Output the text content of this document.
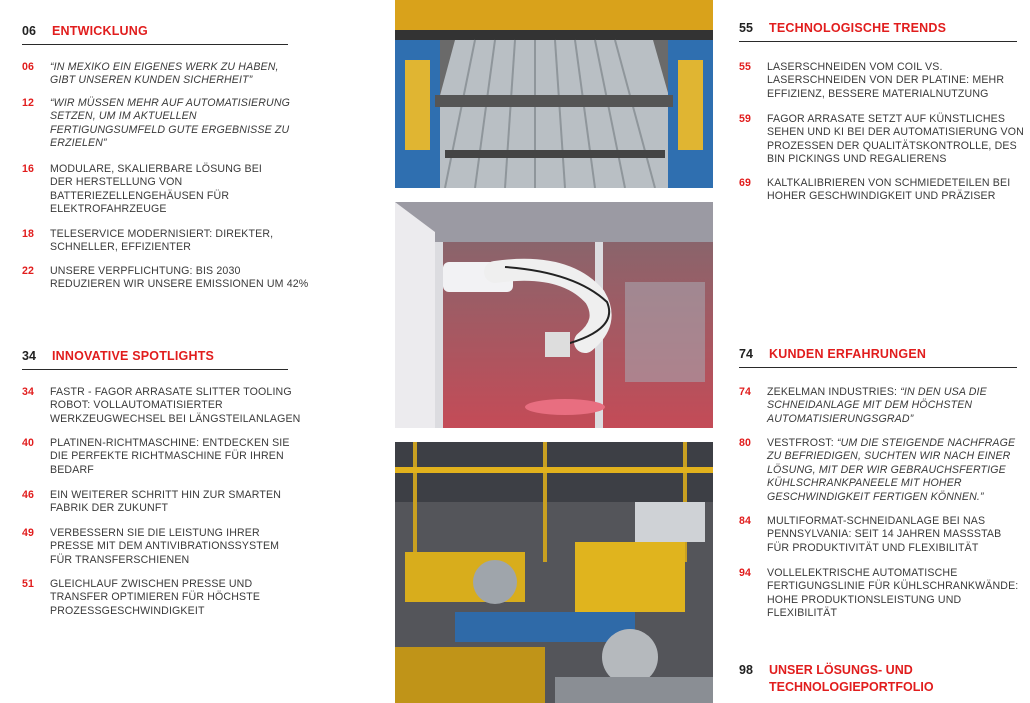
06	ENTWICKLUNG
06	“IN MEXIKO EIN EIGENES WERK ZU HABEN, GIBT UNSEREN KUNDEN SICHERHEIT”
12	“WIR MÜSSEN MEHR AUF AUTOMATISIERUNG SETZEN, UM IM AKTUELLEN FERTIGUNGSUMFELD GUTE ERGEBNISSE ZU ERZIELEN”
16	MODULARE, SKALIERBARE LÖSUNG BEI DER HERSTELLUNG VON BATTERIEZELLENGEHÄUSEN FÜR ELEKTROFAHRZEUGE
18	TELESERVICE MODERNISIERT: DIREKTER, SCHNELLER, EFFIZIENTER
22	UNSERE VERPFLICHTUNG: BIS 2030 REDUZIEREN WIR UNSERE EMISSIONEN UM 42%
34	INNOVATIVE SPOTLIGHTS
34	FASTR - FAGOR ARRASATE SLITTER TOOLING ROBOT: VOLLAUTOMATISIERTER WERKZEUGWECHSEL BEI LÄNGSTEILANLAGEN
40	PLATINEN-RICHTMASCHINE: ENTDECKEN SIE DIE PERFEKTE RICHTMASCHINE FÜR IHREN BEDARF
46	EIN WEITERER SCHRITT HIN ZUR SMARTEN FABRIK DER ZUKUNFT
49	VERBESSERN SIE DIE LEISTUNG IHRER PRESSE MIT DEM ANTIVIBRATIONSSYSTEM FÜR TRANSFERSCHIENEN
51	GLEICHLAUF ZWISCHEN PRESSE UND TRANSFER OPTIMIEREN FÜR HÖCHSTE PROZESSGESCHWINDIGKEIT
55	TECHNOLOGISCHE TRENDS
55	LASERSCHNEIDEN VOM COIL VS. LASERSCHNEIDEN VON DER PLATINE: MEHR EFFIZIENZ, BESSERE MATERIALNUTZUNG
59	FAGOR ARRASATE SETZT AUF KÜNSTLICHES SEHEN UND KI BEI DER AUTOMATISIERUNG VON PROZESSEN DER QUALITÄTSKONTROLLE, DES BIN PICKINGS UND REGALIERENS
69	KALTKALIBRIEREN VON SCHMIEDETEILEN BEI HOHER GESCHWINDIGKEIT UND PRÄZISER
74	KUNDEN ERFAHRUNGEN
74	ZEKELMAN INDUSTRIES: “IN DEN USA DIE SCHNEIDANLAGE MIT DEM HÖCHSTEN AUTOMATISIERUNGSGRAD”
80	VESTFROST: “UM DIE STEIGENDE NACHFRAGE ZU BEFRIEDIGEN, SUCHTEN WIR NACH EINER LÖSUNG, MIT DER WIR GEBRAUCHSFERTIGE KÜHLSCHRANKPANEELE MIT HOHER GESCHWINDIGKEIT FERTIGEN KÖNNEN.”
84	MULTIFORMAT-SCHNEIDANLAGE BEI NAS PENNSYLVANIA: SEIT 14 JAHREN MASSSTAB FÜR PRODUKTIVITÄT UND FLEXIBILITÄT
94	VOLLELEKTRISCHE AUTOMATISCHE FERTIGUNGSLINIE FÜR KÜHLSCHRANKWÄNDE: HOHE PRODUKTIONSLEISTUNG UND FLEXIBILITÄT
98	UNSER LÖSUNGS- UND
TECHNOLOGIEPORTFOLIO
